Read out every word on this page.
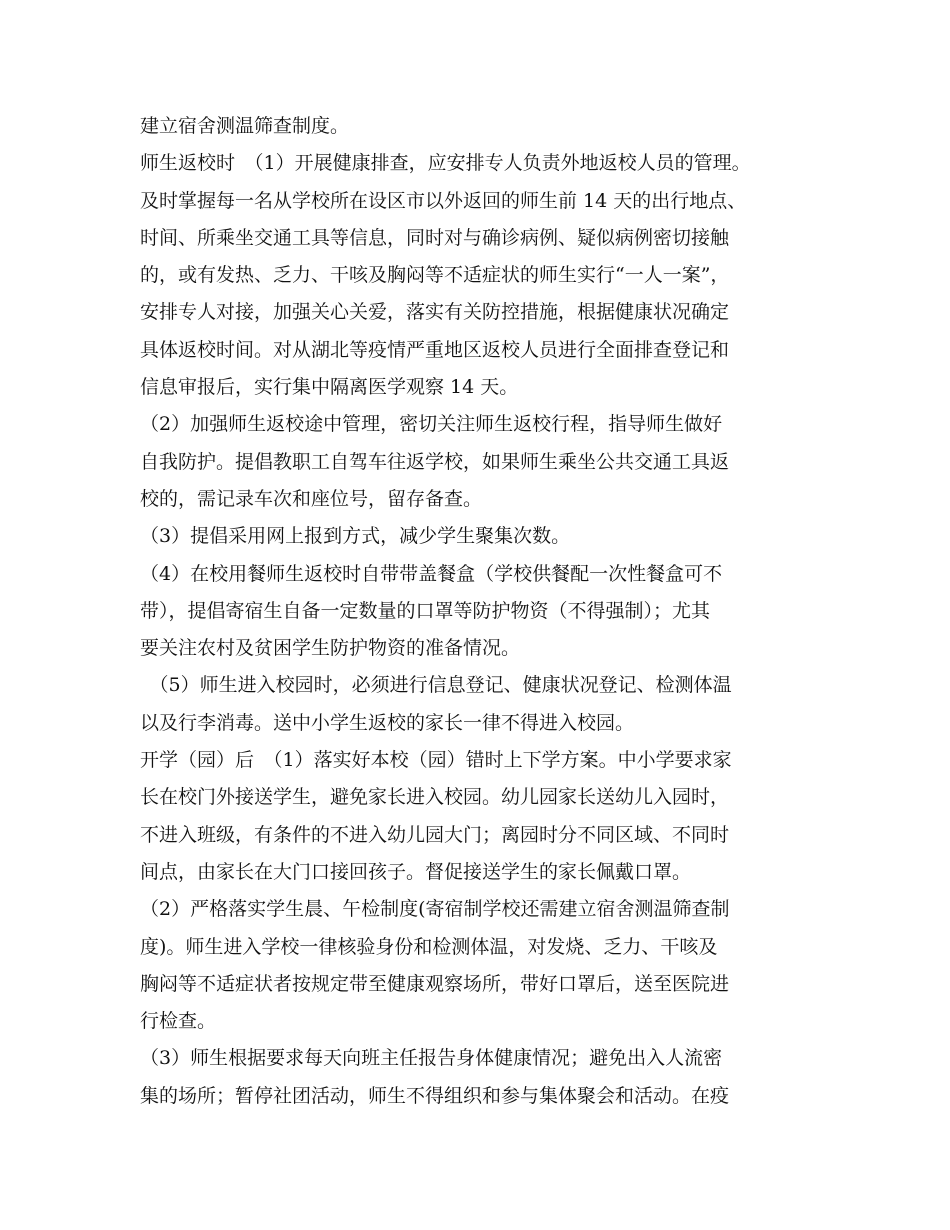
建立宿舍测温筛查制度。

师生返校时　（1）开展健康排查，应安排专人负责外地返校人员的管理。

及时掌握每一名从学校所在设区市以外返回的师生前 14 天的出行地点、

时间、所乘坐交通工具等信息，同时对与确诊病例、疑似病例密切接触

的，或有发热、乏力、干咳及胸闷等不适症状的师生实行“一人一案”，

安排专人对接，加强关心关爱，落实有关防控措施，根据健康状况确定

具体返校时间。对从湖北等疫情严重地区返校人员进行全面排查登记和

信息审报后，实行集中隔离医学观察 14 天。

（2）加强师生返校途中管理，密切关注师生返校行程，指导师生做好

自我防护。提倡教职工自驾车往返学校，如果师生乘坐公共交通工具返

校的，需记录车次和座位号，留存备查。

（3）提倡采用网上报到方式，减少学生聚集次数。

（4）在校用餐师生返校时自带带盖餐盒（学校供餐配一次性餐盒可不

带），提倡寄宿生自备一定数量的口罩等防护物资（不得强制）；尤其

要关注农村及贫困学生防护物资的准备情况。

　（5）师生进入校园时，必须进行信息登记、健康状况登记、检测体温

以及行李消毒。送中小学生返校的家长一律不得进入校园。

开学（园）后　（1）落实好本校（园）错时上下学方案。中小学要求家

长在校门外接送学生，避免家长进入校园。幼儿园家长送幼儿入园时，

不进入班级，有条件的不进入幼儿园大门；离园时分不同区域、不同时

间点，由家长在大门口接回孩子。督促接送学生的家长佩戴口罩。

（2）严格落实学生晨、午检制度(寄宿制学校还需建立宿舍测温筛查制

度)。师生进入学校一律核验身份和检测体温，对发烧、乏力、干咳及

胸闷等不适症状者按规定带至健康观察场所，带好口罩后，送至医院进

行检查。

（3）师生根据要求每天向班主任报告身体健康情况；避免出入人流密

集的场所；暂停社团活动，师生不得组织和参与集体聚会和活动。在疫
